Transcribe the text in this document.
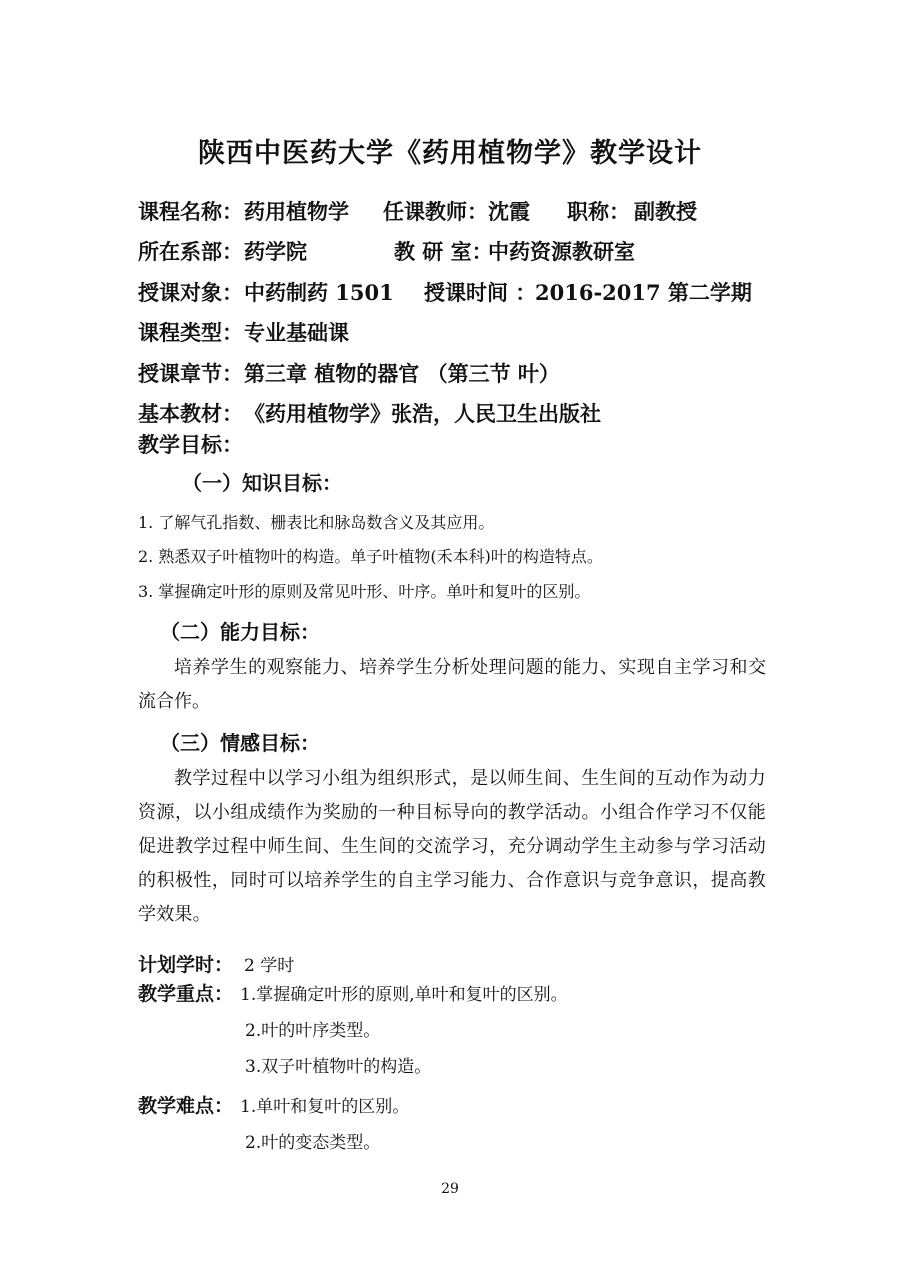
陕西中医药大学《药用植物学》教学设计
课程名称： 药用植物学 任课教师： 沈霞 职称： 副教授
所在系部： 药学院	教 研 室：
中药资源教研室
授课对象： 中药制药 1501 授课时间 ：
2016-2017 第二学期
课程类型： 专业基础课
授课章节： 第三章 植物的器官 （第三节 叶）
基本教材： 《药用植物学》张浩，人民卫生出版社
教学目标：
（一）知识目标：
1. 了解气孔指数、栅表比和脉岛数含义及其应用。
2. 熟悉双子叶植物叶的构造。单子叶植物(禾本科)叶的构造特点。
3. 掌握确定叶形的原则及常见叶形、叶序。单叶和复叶的区别。
（二）能力目标：
培养学生的观察能力、培养学生分析处理问题的能力、实现自主学习和交流合作。
（三）情感目标：
教学过程中以学习小组为组织形式，是以师生间、生生间的互动作为动力资源，以小组成绩作为奖励的一种目标导向的教学活动。小组合作学习不仅能促进教学过程中师生间、生生间的交流学习，充分调动学生主动参与学习活动的积极性，同时可以培养学生的自主学习能力、合作意识与竞争意识，提高教学效果。
计划学时： 2 学时
教学重点： 1.掌握确定叶形的原则,单叶和复叶的区别。
2.叶的叶序类型。
3.双子叶植物叶的构造。
教学难点： 1.单叶和复叶的区别。
2.叶的变态类型。
29
